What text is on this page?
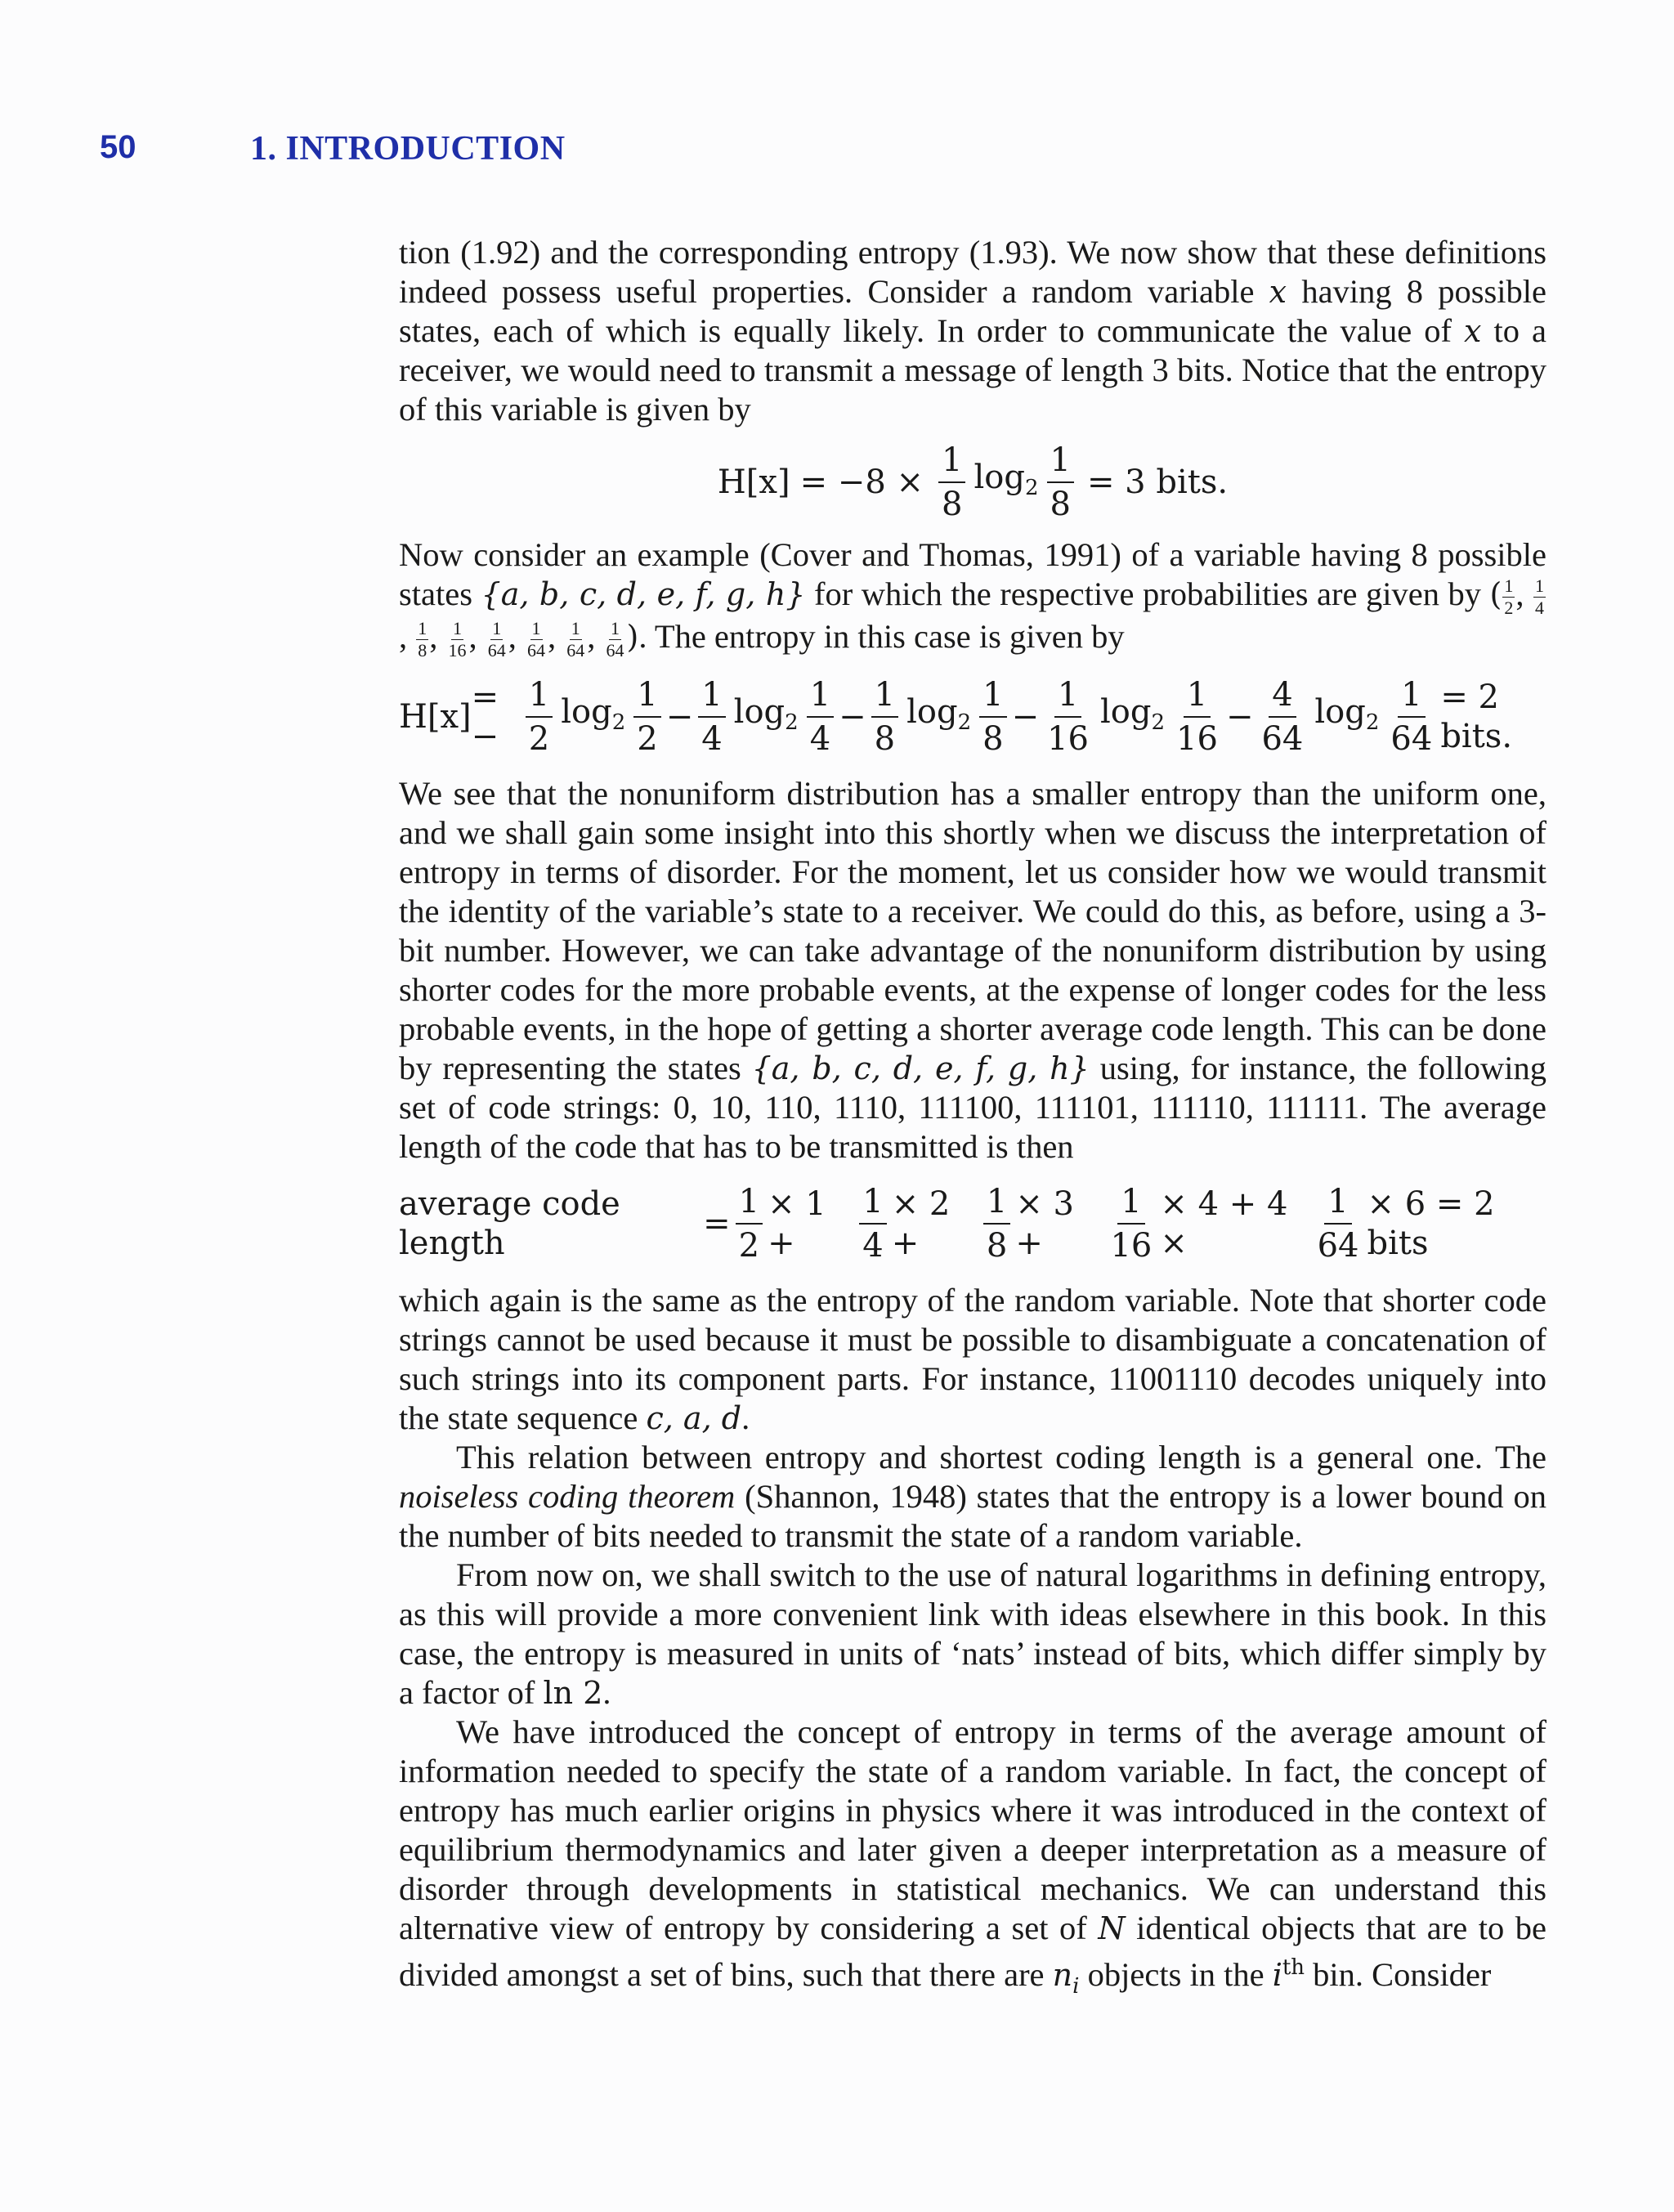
50	1. INTRODUCTION

tion (1.92) and the corresponding entropy (1.93). We now show that these definitions indeed possess useful properties. Consider a random variable x having 8 possible states, each of which is equally likely. In order to communicate the value of x to a receiver, we would need to transmit a message of length 3 bits. Notice that the entropy of this variable is given by

$H[x] = -8 \times \frac{1}{8} \log_2 \frac{1}{8} = 3$ bits.

Now consider an example (Cover and Thomas, 1991) of a variable having 8 possible states {a, b, c, d, e, f, g, h} for which the respective probabilities are given by ( $\frac{1}{2}$ , $\frac{1}{4}$
, $\frac{1}{8}$ , $\frac{1}{16}$ , $\frac{1}{64}$ , $\frac{1}{64}$ , $\frac{1}{64}$ , $\frac{1}{64}$ ). The entropy in this case is given by

H[x]
= − $\frac{1}{2} \log_2 \frac{1}{2} - \frac{1}{4} \log_2 \frac{1}{4} - \frac{1}{8} \log_2 \frac{1}{8} - \frac{1}{16} \log_2 \frac{1}{16} - \frac{4}{64} \log_2 \frac{1}{64} = 2$ bits.

We see that the nonuniform distribution has a smaller entropy than the uniform one, and we shall gain some insight into this shortly when we discuss the interpretation of entropy in terms of disorder. For the moment, let us consider how we would transmit the identity of the variable’s state to a receiver. We could do this, as before, using a 3-bit number. However, we can take advantage of the nonuniform distribution by using shorter codes for the more probable events, at the expense of longer codes for the less probable events, in the hope of getting a shorter average code length. This can be done by representing the states {a, b, c, d, e, f, g, h} using, for instance, the following set of code strings: 0, 10, 110, 1110, 111100, 111101, 111110, 111111. The average length of the code that has to be transmitted is then

average code length
= $\frac{1}{2} \times 1$ +	$\frac{1}{4} \times 2$ +	$\frac{1}{8} \times 3$ +	$\frac{1}{16} \times 4 + 4$ ×	$\frac{1}{64} \times 6 = 2$ bits

which again is the same as the entropy of the random variable. Note that shorter code strings cannot be used because it must be possible to disambiguate a concatenation of such strings into its component parts. For instance, 11001110 decodes uniquely into the state sequence c, a, d.

This relation between entropy and shortest coding length is a general one. The noiseless coding theorem (Shannon, 1948) states that the entropy is a lower bound on the number of bits needed to transmit the state of a random variable.

From now on, we shall switch to the use of natural logarithms in defining entropy, as this will provide a more convenient link with ideas elsewhere in this book. In this case, the entropy is measured in units of ‘nats’ instead of bits, which differ simply by a factor of ln 2.

We have introduced the concept of entropy in terms of the average amount of information needed to specify the state of a random variable. In fact, the concept of entropy has much earlier origins in physics where it was introduced in the context of equilibrium thermodynamics and later given a deeper interpretation as a measure of disorder through developments in statistical mechanics. We can understand this alternative view of entropy by considering a set of N identical objects that are to be divided amongst a set of bins, such that there are $n_i$ objects in the $i^{th}$ bin. Consider
